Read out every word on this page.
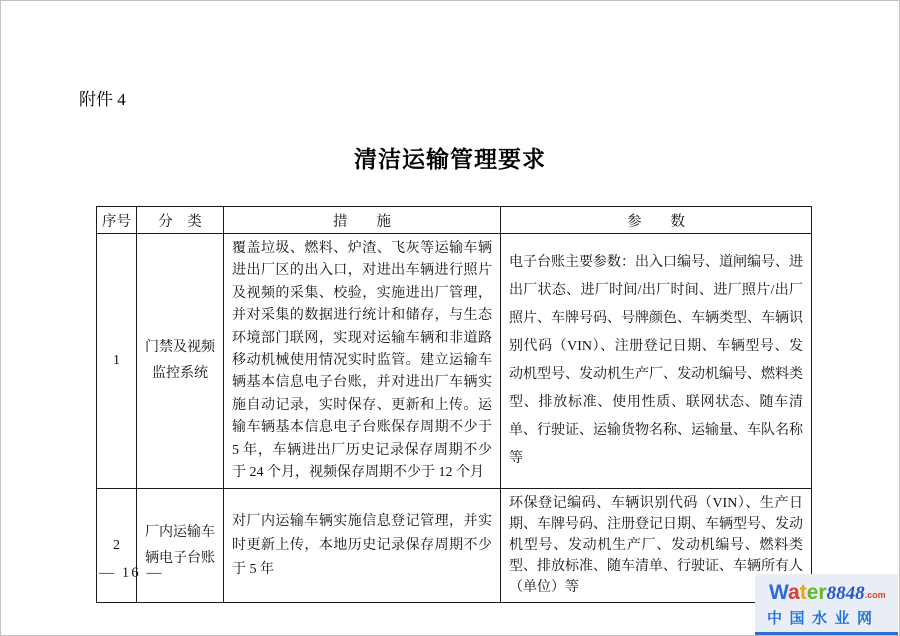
附件 4
清洁运输管理要求
序号	分　类	措　　施	参　　数
1	门禁及视频监控系统	覆盖垃圾、燃料、炉渣、飞灰等运输车辆进出厂区的出入口，对进出车辆进行照片及视频的采集、校验，实施进出厂管理，并对采集的数据进行统计和储存，与生态环境部门联网，实现对运输车辆和非道路移动机械使用情况实时监管。建立运输车辆基本信息电子台账，并对进出厂车辆实施自动记录，实时保存、更新和上传。运输车辆基本信息电子台账保存周期不少于 5 年，车辆进出厂历史记录保存周期不少于 24 个月，视频保存周期不少于 12 个月	电子台账主要参数：出入口编号、道闸编号、进出厂状态、进厂时间/出厂时间、进厂照片/出厂照片、车牌号码、号牌颜色、车辆类型、车辆识别代码（VIN）、注册登记日期、车辆型号、发动机型号、发动机生产厂、发动机编号、燃料类型、排放标准、使用性质、联网状态、随车清单、行驶证、运输货物名称、运输量、车队名称等
2	厂内运输车辆电子台账	对厂内运输车辆实施信息登记管理，并实时更新上传，本地历史记录保存周期不少于 5 年	环保登记编码、车辆识别代码（VIN）、生产日期、车牌号码、注册登记日期、车辆型号、发动机型号、发动机生产厂、发动机编号、燃料类型、排放标准、随车清单、行驶证、车辆所有人（单位）等
— 16 —
Water8848.com
中国水业网
